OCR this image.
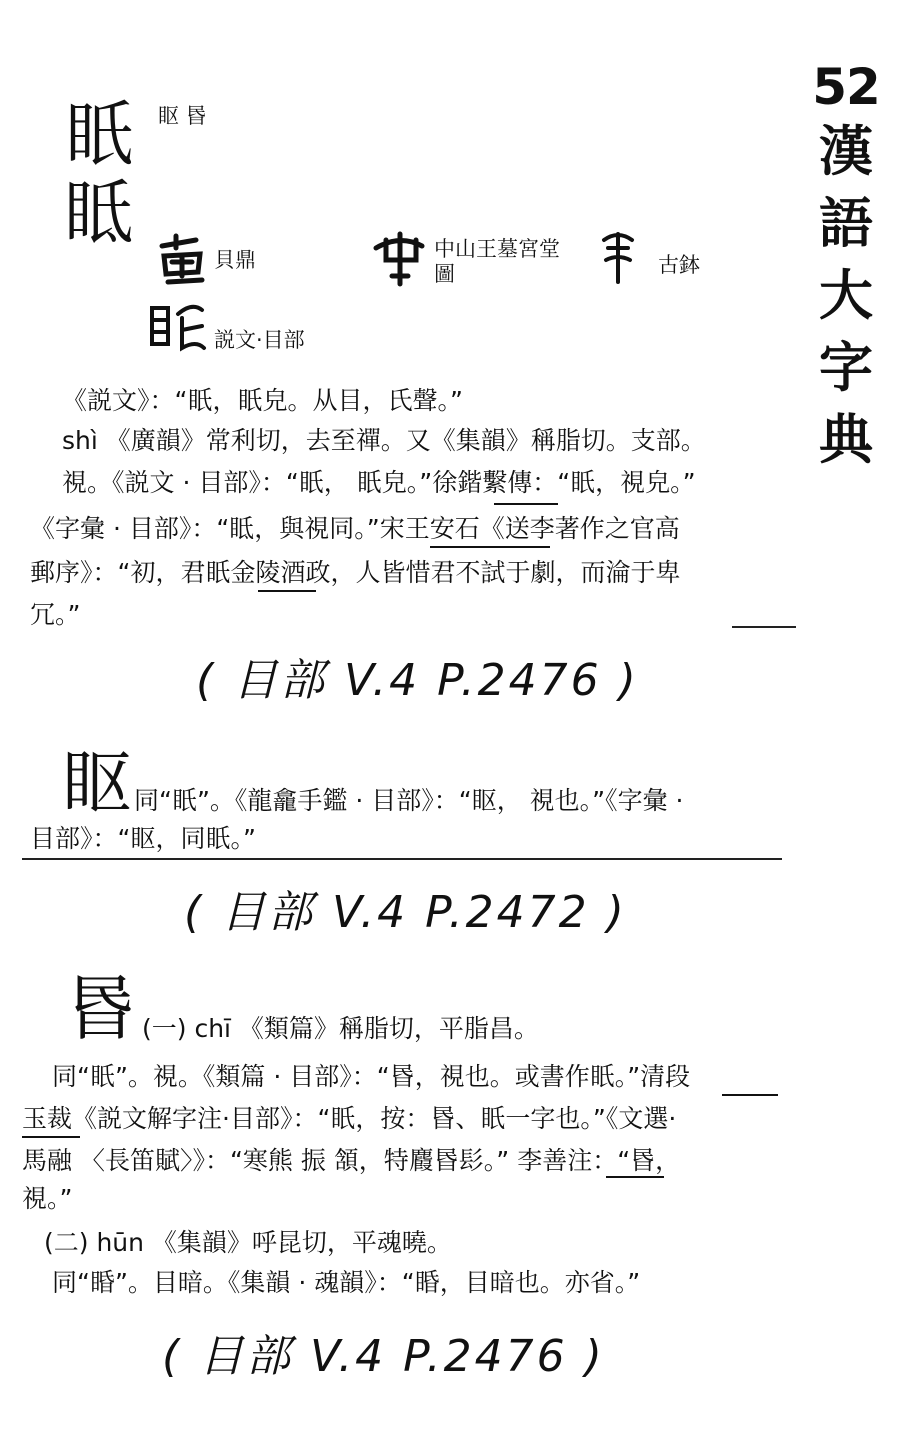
52
漢
語
大
字
典
眂 眍 昬
眡
貝鼎	中山王墓宮堂圖	古鉢
説文·目部
《説文》：“眂，眂皃。从目，氏聲。”
shì 《廣韻》常利切，去至禪。又《集韻》稱脂切。支部。
視。《説文 · 目部》：“眂， 眂皃。”徐鍇繫傳：“眂，視皃。”
《字彙 · 目部》：“眡，與視同。”宋王安石《送李著作之官高
郵序》：“初，君眂金陵酒政，人皆惜君不試于劇，而淪于卑
冗。”
( 目部 V.4 P.2476 )
眍 同“眂”。《龍龕手鑑 · 目部》：“眍， 視也。”《字彙 ·
目部》：“眍，同眂。”
( 目部 V.4 P.2472 )
昬 (一) chī 《類篇》稱脂切，平脂昌。
同“眂”。視。《類篇 · 目部》：“昬，視也。或書作眂。”清段
玉裁《説文解字注·目部》：“眂，按：昬、眂一字也。”《文選·
馬融 〈長笛賦〉》：“寒熊 振 頷，特麚昬髟。” 李善注：“昬，
視。”
(二) hūn 《集韻》呼昆切，平魂曉。
同“睧”。目暗。《集韻 · 魂韻》：“睧，目暗也。亦省。”
( 目部 V.4 P.2476 )
